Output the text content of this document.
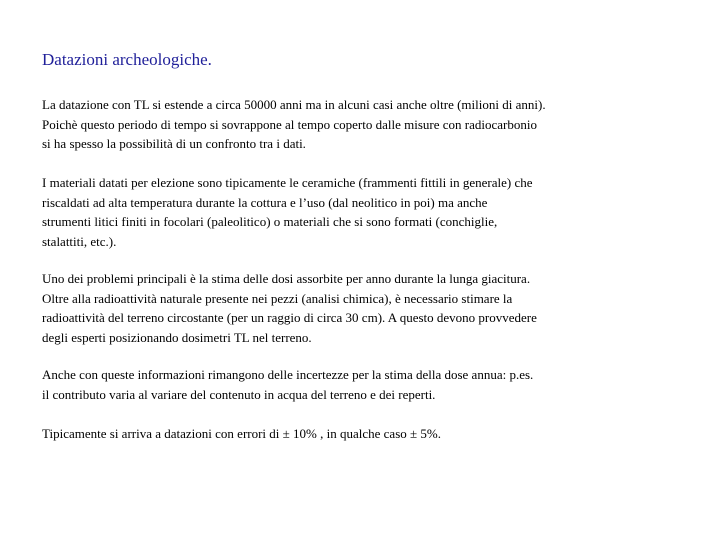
Datazioni archeologiche.

La datazione con TL si estende a circa 50000 anni ma in alcuni casi anche oltre (milioni di anni).
Poichè questo periodo di tempo si sovrappone al tempo coperto dalle misure con radiocarbonio
si ha spesso la possibilità di un confronto tra i dati.

I materiali datati per elezione sono tipicamente le ceramiche (frammenti fittili in generale) che
riscaldati ad alta temperatura durante la cottura e l’uso (dal neolitico in poi) ma anche
strumenti litici finiti in focolari (paleolitico) o materiali che si sono formati (conchiglie,
stalattiti, etc.).

Uno dei problemi principali è la stima delle dosi assorbite per anno durante la lunga giacitura.
Oltre alla radioattività naturale presente nei pezzi (analisi chimica), è necessario stimare la
radioattività del terreno circostante (per un raggio di circa 30 cm). A questo devono provvedere
degli esperti posizionando dosimetri TL nel terreno.

Anche con queste informazioni rimangono delle incertezze per la stima della dose annua: p.es.
il contributo varia al variare del contenuto in acqua del terreno e dei reperti.

Tipicamente si arriva a datazioni con errori di ± 10% , in qualche caso ± 5%.
